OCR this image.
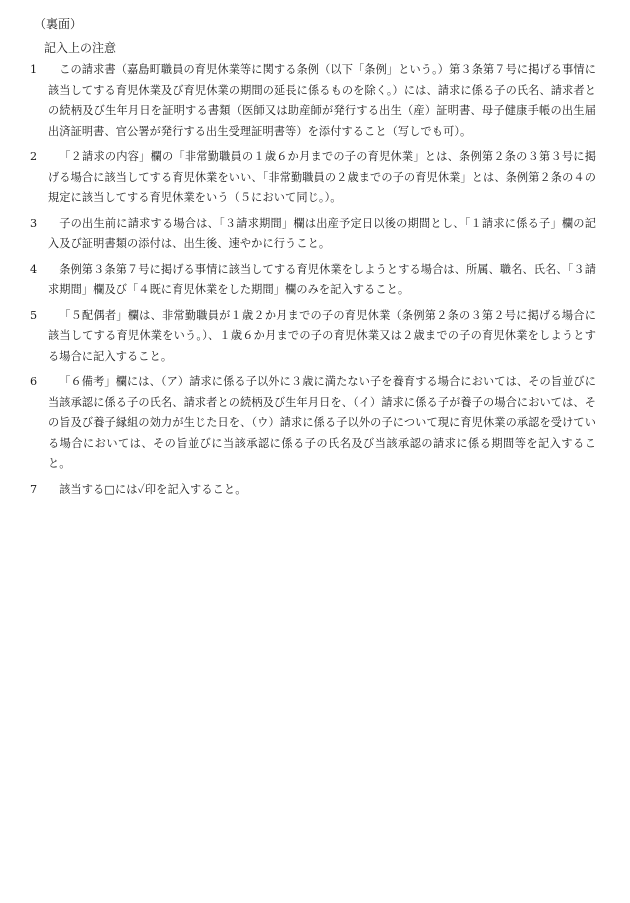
（裏面）
記入上の注意
1	この請求書（嘉島町職員の育児休業等に関する条例（以下「条例」という。）第３条第７号に掲げる事情に該当してする育児休業及び育児休業の期間の延長に係るものを除く。）には、請求に係る子の氏名、請求者との続柄及び生年月日を証明する書類（医師又は助産師が発行する出生（産）証明書、母子健康手帳の出生届出済証明書、官公署が発行する出生受理証明書等）を添付すること（写しでも可）。
2	「２請求の内容」欄の「非常勤職員の１歳６か月までの子の育児休業」とは、条例第２条の３第３号に掲げる場合に該当してする育児休業をいい、「非常勤職員の２歳までの子の育児休業」とは、条例第２条の４の規定に該当してする育児休業をいう（５において同じ。）。
3	子の出生前に請求する場合は、「３請求期間」欄は出産予定日以後の期間とし、「１請求に係る子」欄の記入及び証明書類の添付は、出生後、速やかに行うこと。
4	条例第３条第７号に掲げる事情に該当してする育児休業をしようとする場合は、所属、職名、氏名、「３請求期間」欄及び「４既に育児休業をした期間」欄のみを記入すること。
5	「５配偶者」欄は、非常勤職員が１歳２か月までの子の育児休業（条例第２条の３第２号に掲げる場合に該当してする育児休業をいう。）、１歳６か月までの子の育児休業又は２歳までの子の育児休業をしようとする場合に記入すること。
6	「６備考」欄には、（ア）請求に係る子以外に３歳に満たない子を養育する場合においては、その旨並びに当該承認に係る子の氏名、請求者との続柄及び生年月日を、（イ）請求に係る子が養子の場合においては、その旨及び養子縁組の効力が生じた日を、（ウ）請求に係る子以外の子について現に育児休業の承認を受けている場合においては、その旨並びに当該承認に係る子の氏名及び当該承認の請求に係る期間等を記入すること。
7	該当する□には✓印を記入すること。
